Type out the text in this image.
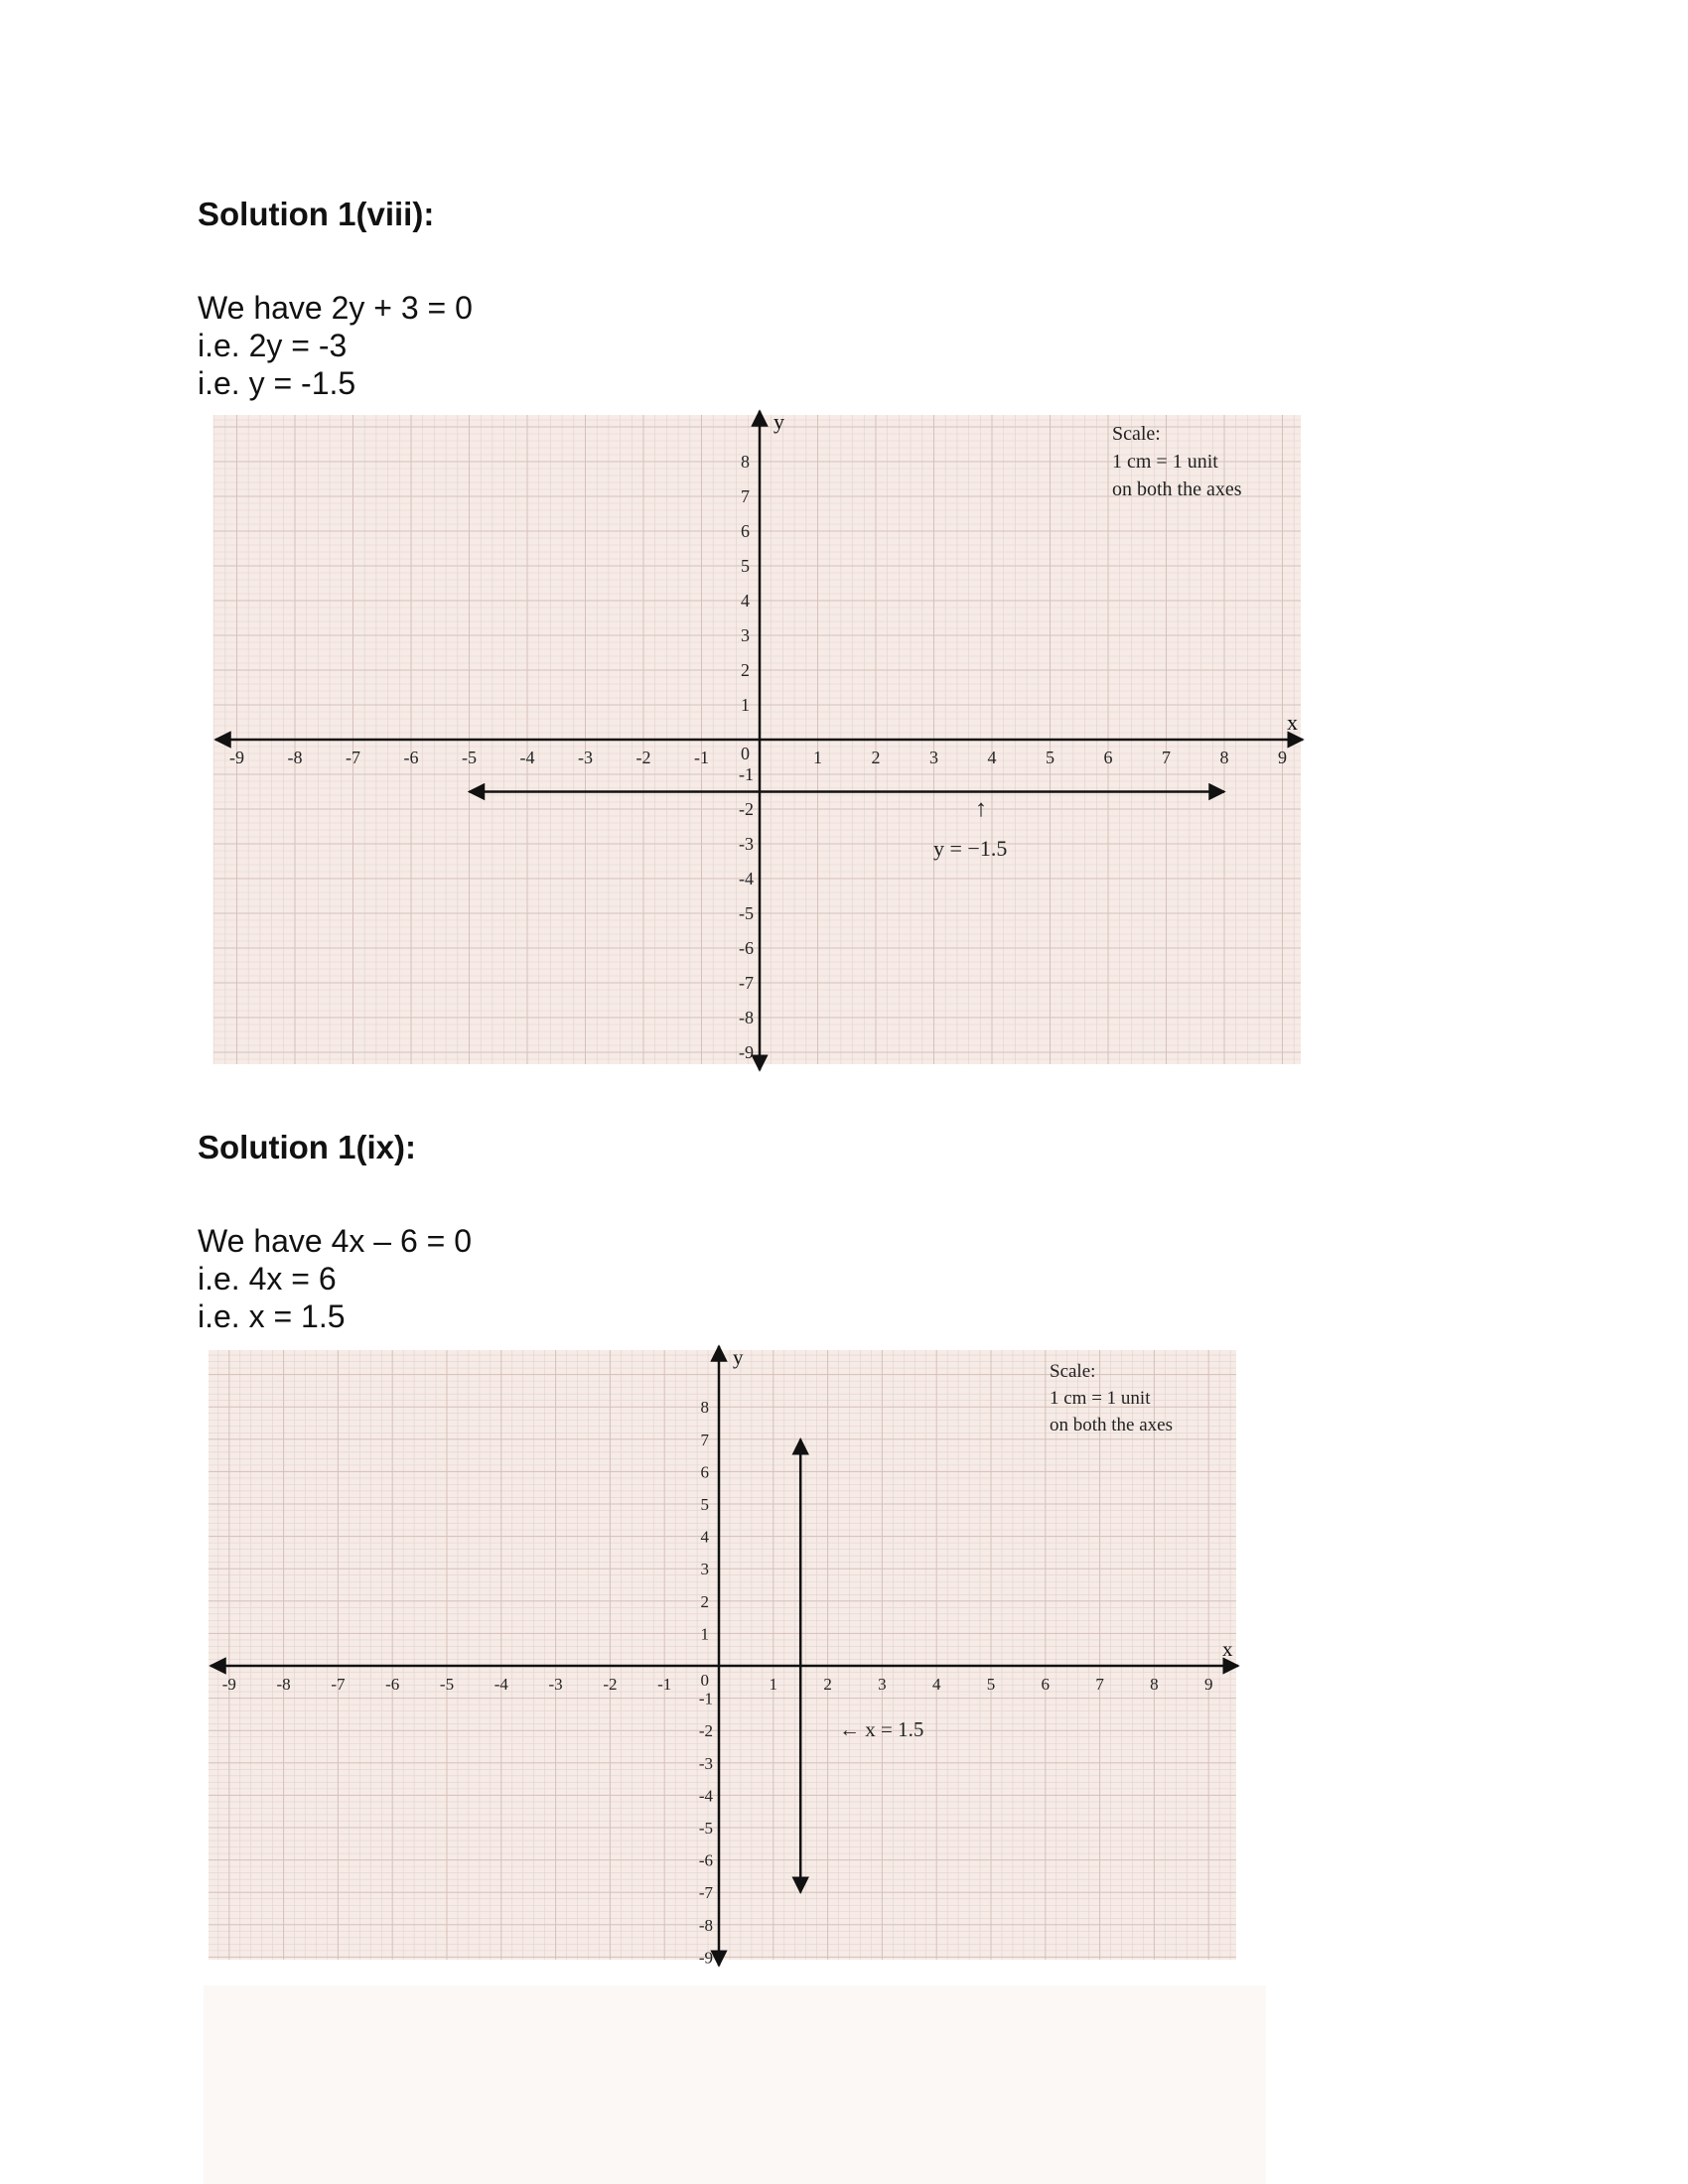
Solution 1(viii):
We have 2y + 3 = 0
i.e. 2y = -3
i.e. y = -1.5
x
y
-9 -8 -7 -6 -5 -4 -3 -2 -1	1	2	3	4	5	6	7	8	9
1
2
3
4
5
6
7
8
-1
-2
-3
-4
-5
-6
-7
-8
-9
0
Scale:
1 cm = 1 unit
on both the axes
y = −1.5
↑
Solution 1(ix):
We have 4x – 6 = 0
i.e. 4x = 6
i.e. x = 1.5
x
y
-9 -8 -7 -6 -5 -4 -3 -2 -1	1	2	3	4	5	6	7	8	9
1
2
3
4
5
6
7
8
-1
-2
-3
-4
-5
-6
-7
-8
-9
0
Scale:
1 cm = 1 unit
on both the axes
← x = 1.5
